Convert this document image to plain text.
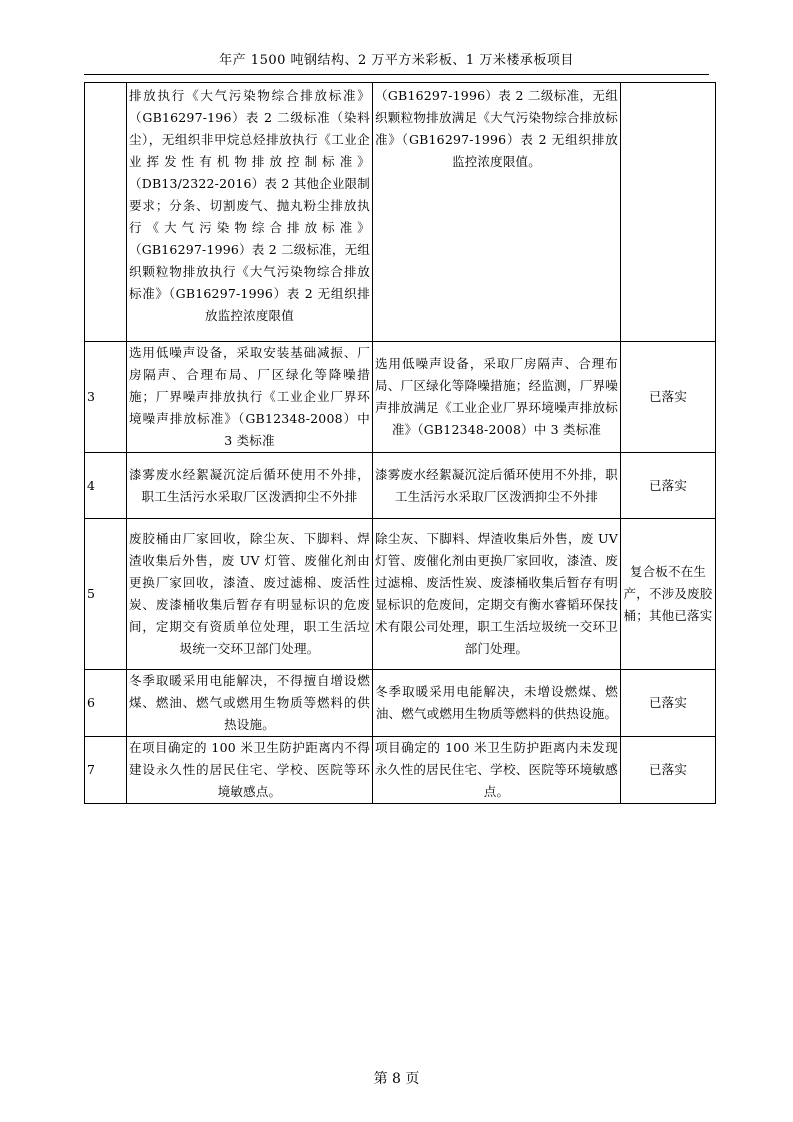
年产 1500 吨钢结构、2 万平方米彩板、1 万米楼承板项目

	排放执行《大气污染物综合排放标准》（GB16297-196）表 2 二级标准（染料尘），无组织非甲烷总烃排放执行《工业企业挥发性有机物排放控制标准》（DB13/2322-2016）表 2 其他企业限制要求；分条、切割废气、抛丸粉尘排放执行《大气污染物综合排放标准》（GB16297-1996）表 2 二级标准，无组织颗粒物排放执行《大气污染物综合排放标准》（GB16297-1996）表 2 无组织排放监控浓度限值	（GB16297-1996）表 2 二级标准，无组织颗粒物排放满足《大气污染物综合排放标准》（GB16297-1996）表 2 无组织排放监控浓度限值。	
3	选用低噪声设备，采取安装基础减振、厂房隔声、合理布局、厂区绿化等降噪措施；厂界噪声排放执行《工业企业厂界环境噪声排放标准》（GB12348-2008）中 3 类标准	选用低噪声设备，采取厂房隔声、合理布局、厂区绿化等降噪措施；经监测，厂界噪声排放满足《工业企业厂界环境噪声排放标准》（GB12348-2008）中 3 类标准	已落实
4	漆雾废水经絮凝沉淀后循环使用不外排，职工生活污水采取厂区泼洒抑尘不外排	漆雾废水经絮凝沉淀后循环使用不外排，职工生活污水采取厂区泼洒抑尘不外排	已落实
5	废胶桶由厂家回收，除尘灰、下脚料、焊渣收集后外售，废 UV 灯管、废催化剂由更换厂家回收，漆渣、废过滤棉、废活性炭、废漆桶收集后暂存有明显标识的危废间，定期交有资质单位处理，职工生活垃圾统一交环卫部门处理。	除尘灰、下脚料、焊渣收集后外售，废 UV 灯管、废催化剂由更换厂家回收，漆渣、废过滤棉、废活性炭、废漆桶收集后暂存有明显标识的危废间，定期交有衡水睿韬环保技术有限公司处理，职工生活垃圾统一交环卫部门处理。	复合板不在生产，不涉及废胶桶；其他已落实
6	冬季取暖采用电能解决，不得擅自增设燃煤、燃油、燃气或燃用生物质等燃料的供热设施。	冬季取暖采用电能解决，未增设燃煤、燃油、燃气或燃用生物质等燃料的供热设施。	已落实
7	在项目确定的 100 米卫生防护距离内不得建设永久性的居民住宅、学校、医院等环境敏感点。	项目确定的 100 米卫生防护距离内未发现永久性的居民住宅、学校、医院等环境敏感点。	已落实
第 8 页
